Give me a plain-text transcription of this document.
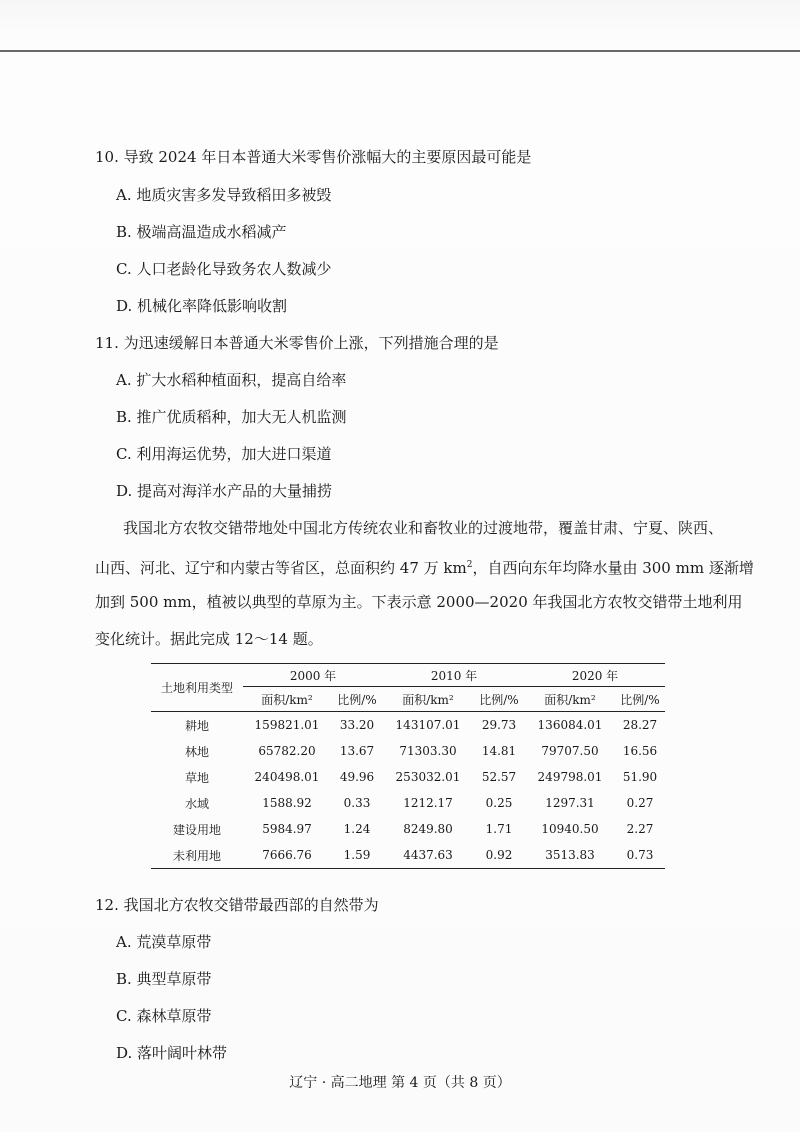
10. 导致 2024 年日本普通大米零售价涨幅大的主要原因最可能是
A. 地质灾害多发导致稻田多被毁
B. 极端高温造成水稻减产
C. 人口老龄化导致务农人数减少
D. 机械化率降低影响收割
11. 为迅速缓解日本普通大米零售价上涨，下列措施合理的是
A. 扩大水稻种植面积，提高自给率
B. 推广优质稻种，加大无人机监测
C. 利用海运优势，加大进口渠道
D. 提高对海洋水产品的大量捕捞
我国北方农牧交错带地处中国北方传统农业和畜牧业的过渡地带，覆盖甘肃、宁夏、陕西、
山西、河北、辽宁和内蒙古等省区，总面积约 47 万 $km^2$，自西向东年均降水量由 300 mm 逐渐增
加到 500 mm，植被以典型的草原为主。下表示意 2000—2020 年我国北方农牧交错带土地利用
变化统计。据此完成 12～14 题。
土地利用类型	2000 年		2010 年		2020 年	
	面积/km²	比例/%	面积/km²	比例/%	面积/km²	比例/%
耕地	159821.01	33.20	143107.01	29.73	136084.01	28.27
林地	65782.20	13.67	71303.30	14.81	79707.50	16.56
草地	240498.01	49.96	253032.01	52.57	249798.01	51.90
水域	1588.92	0.33	1212.17	0.25	1297.31	0.27
建设用地	5984.97	1.24	8249.80	1.71	10940.50	2.27
未利用地	7666.76	1.59	4437.63	0.92	3513.83	0.73
12. 我国北方农牧交错带最西部的自然带为
A. 荒漠草原带
B. 典型草原带
C. 森林草原带
D. 落叶阔叶林带
辽宁 · 高二地理 第 4 页（共 8 页）
